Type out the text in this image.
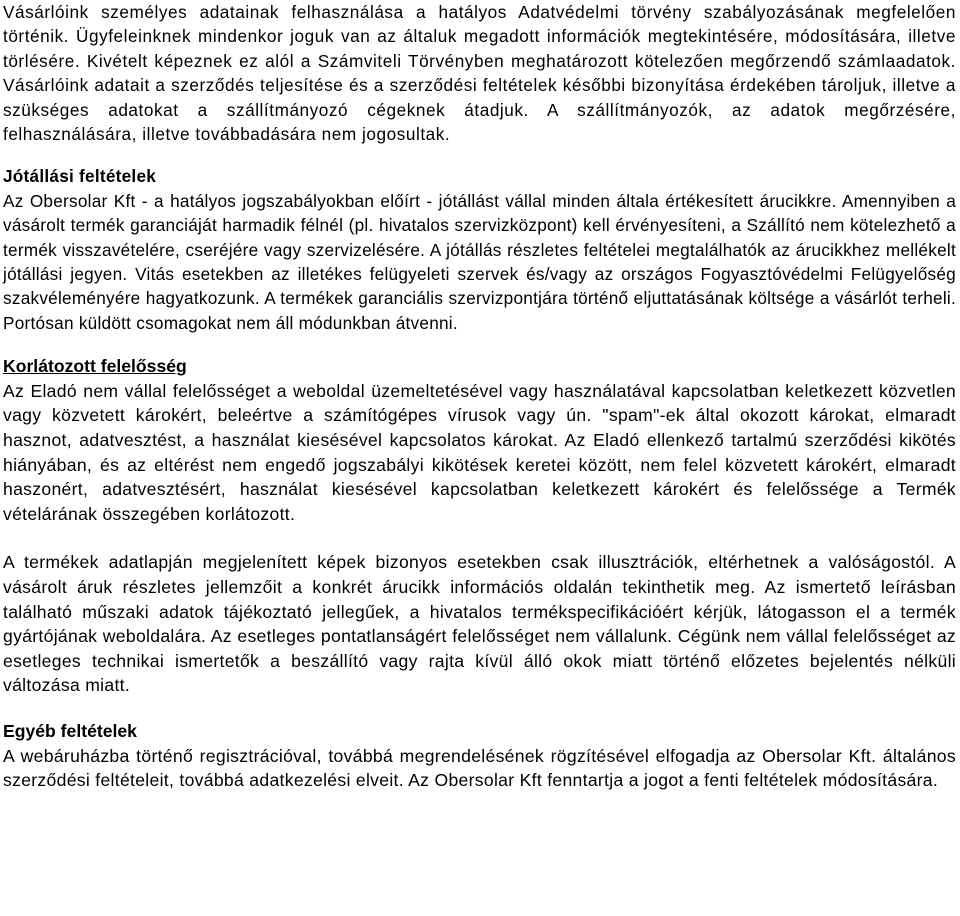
Vásárlóink személyes adatainak felhasználása a hatályos Adatvédelmi törvény szabályozásának megfelelően történik. Ügyfeleinknek mindenkor joguk van az általuk megadott információk megtekintésére, módosítására, illetve törlésére. Kivételt képeznek ez alól a Számviteli Törvényben meghatározott kötelezően megőrzendő számlaadatok. Vásárlóink adatait a szerződés teljesítése és a szerződési feltételek későbbi bizonyítása érdekében tároljuk, illetve a szükséges adatokat a szállítmányozó cégeknek átadjuk. A szállítmányozók, az adatok megőrzésére, felhasználására, illetve továbbadására nem jogosultak.

Jótállási feltételek

Az Obersolar Kft - a hatályos jogszabályokban előírt - jótállást vállal minden általa értékesített árucikkre. Amennyiben a vásárolt termék garanciáját harmadik félnél (pl. hivatalos szervizközpont) kell érvényesíteni, a Szállító nem kötelezhető a termék visszavételére, cseréjére vagy szervizelésére. A jótállás részletes feltételei megtalálhatók az árucikkhez mellékelt jótállási jegyen. Vitás esetekben az illetékes felügyeleti szervek és/vagy az országos Fogyasztóvédelmi Felügyelőség szakvéleményére hagyatkozunk. A termékek garanciális szervizpontjára történő eljuttatásának költsége a vásárlót terheli. Portósan küldött csomagokat nem áll módunkban átvenni.

Korlátozott felelősség

Az Eladó nem vállal felelősséget a weboldal üzemeltetésével vagy használatával kapcsolatban keletkezett közvetlen vagy közvetett károkért, beleértve a számítógépes vírusok vagy ún. "spam"-ek által okozott károkat, elmaradt hasznot, adatvesztést, a használat kiesésével kapcsolatos károkat. Az Eladó ellenkező tartalmú szerződési kikötés hiányában, és az eltérést nem engedő jogszabályi kikötések keretei között, nem felel közvetett károkért, elmaradt haszonért, adatvesztésért, használat kiesésével kapcsolatban keletkezett károkért és felelőssége a Termék vételárának összegében korlátozott.

A termékek adatlapján megjelenített képek bizonyos esetekben csak illusztrációk, eltérhetnek a valóságostól. A vásárolt áruk részletes jellemzőit a konkrét árucikk információs oldalán tekinthetik meg. Az ismertető leírásban található műszaki adatok tájékoztató jellegűek, a hivatalos termékspecifikációért kérjük, látogasson el a termék gyártójának weboldalára. Az esetleges pontatlanságért felelősséget nem vállalunk. Cégünk nem vállal felelősséget az esetleges technikai ismertetők a beszállító vagy rajta kívül álló okok miatt történő előzetes bejelentés nélküli változása miatt.

Egyéb feltételek

A webáruházba történő regisztrációval, továbbá megrendelésének rögzítésével elfogadja az Obersolar Kft. általános szerződési feltételeit, továbbá adatkezelési elveit. Az Obersolar Kft fenntartja a jogot a fenti feltételek módosítására.
